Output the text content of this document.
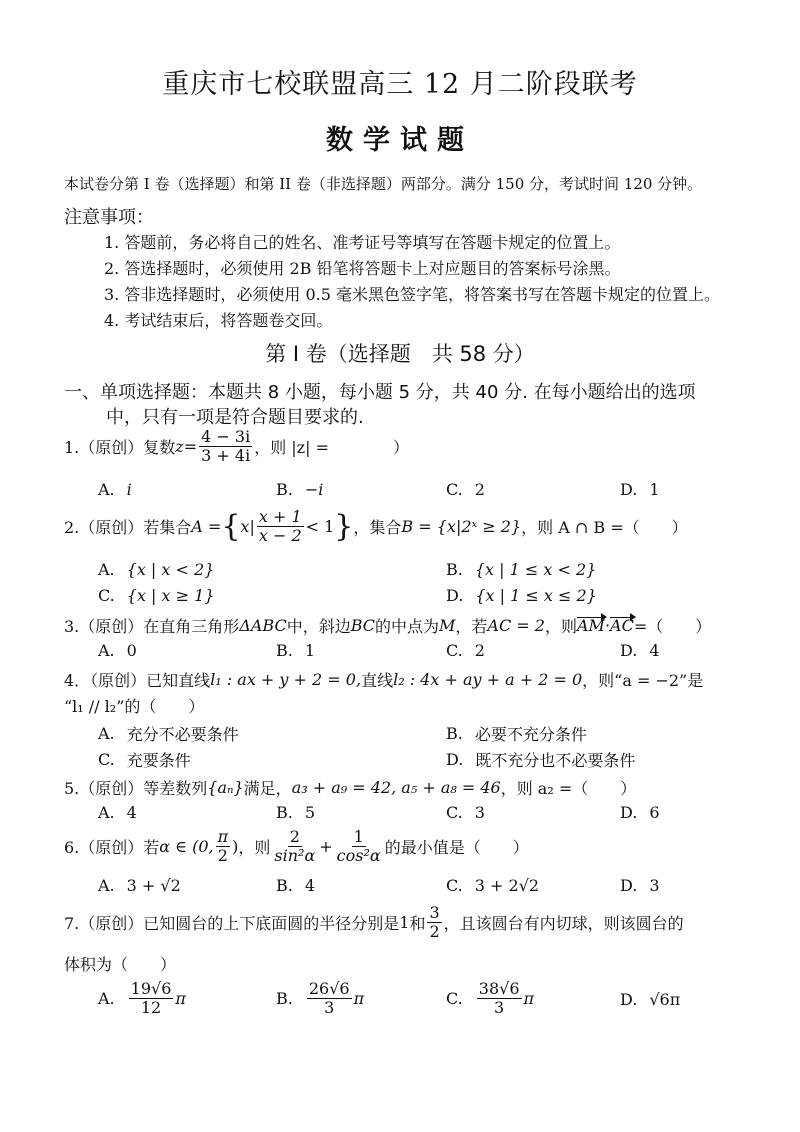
重庆市七校联盟高三 12 月二阶段联考
数学试题
本试卷分第 I 卷（选择题）和第 II 卷（非选择题）两部分。满分 150 分，考试时间 120 分钟。
注意事项：
1. 答题前，务必将自己的姓名、准考证号等填写在答题卡规定的位置上。
2. 答选择题时，必须使用 2B 铅笔将答题卡上对应题目的答案标号涂黑。
3. 答非选择题时，必须使用 0.5 毫米黑色签字笔，将答案书写在答题卡规定的位置上。
4. 考试结束后，将答题卷交回。
第 I 卷（选择题　共 58 分）
一、单项选择题：本题共 8 小题，每小题 5 分，共 40 分. 在每小题给出的选项
中，只有一项是符合题目要求的.
1.（原创）复数 $z = \frac{4 - 3i}{3 + 4i}$ ，则 |z| =　　　　）
A. i	B. −i	C. 2	D. 1
2.（原创）若集合 A = { $x| \frac{x + 1}{x - 2} < 1$ } ，集合 B = {x|2ˣ ≥ 2} ，则 A ∩ B =（　　）
A. {x | x < 2}	B. {x | 1 ≤ x < 2}
C. {x | x ≥ 1}	D. {x | 1 ≤ x ≤ 2}
3.（原创）在直角三角形 ΔABC 中，斜边 BC 的中点为 M ，若 AC = 2 ，则 AM · AC =（　　）
A. 0	B. 1	C. 2	D. 4
4．（原创）已知直线 l₁ : ax + y + 2 = 0, 直线 l₂ : 4x + ay + a + 2 = 0 ，则“a = −2”是
“l₁ // l₂”的（　　）
A. 充分不必要条件	B. 必要不充分条件
C. 充要条件	D. 既不充分也不必要条件
5.（原创）等差数列 {aₙ} 满足， a₃ + a₉ = 42, a₅ + a₈ = 46 ，则 a₂ =（　　）
A. 4	B. 5	C. 3	D. 6
6.（原创）若 α ∈ (0, $\frac{\pi}{2}$ ) ，则 $\frac{2}{\text{sin²α}} + \frac{1}{\text{cos²α}}$ 的最小值是（　　）
A. 3 + √2	B. 4	C. 3 + 2√2	D. 3
7.（原创）已知圆台的上下底面圆的半径分别是 1 和 $\frac{3}{2}$ ，且该圆台有内切球，则该圆台的
体积为（　　）
A. $\frac{19√6}{12}$ π	B. $\frac{26√6}{3}$ π	C. $\frac{38√6}{3}$ π	D. √6π
